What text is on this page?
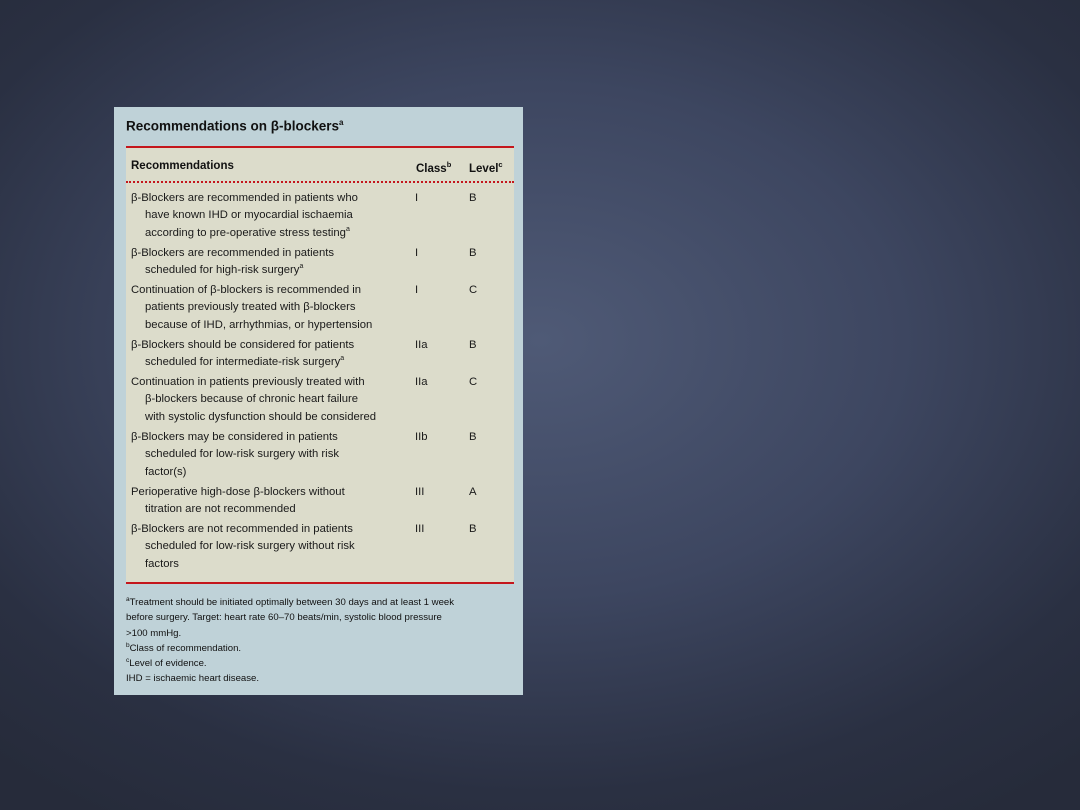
Recommendations on β-blockers$^a$
Recommendations	Class$^b$ Level$^c$
β-Blockers are recommended in patients who
have known IHD or myocardial ischaemia
according to pre-operative stress testing$^a$
I	B
β-Blockers are recommended in patients
scheduled for high-risk surgery$^a$
I	B
Continuation of β-blockers is recommended in
patients previously treated with β-blockers
because of IHD, arrhythmias, or hypertension
I	C
β-Blockers should be considered for patients
scheduled for intermediate-risk surgery$^a$
IIa	B
Continuation in patients previously treated with
β-blockers because of chronic heart failure
with systolic dysfunction should be considered
IIa	C
β-Blockers may be considered in patients
scheduled for low-risk surgery with risk
factor(s)
IIb	B
Perioperative high-dose β-blockers without
titration are not recommended
III	A
β-Blockers are not recommended in patients
scheduled for low-risk surgery without risk
factors
III	B
$^a$Treatment should be initiated optimally between 30 days and at least 1 week
before surgery. Target: heart rate 60–70 beats/min, systolic blood pressure
>100 mmHg.
$^b$Class of recommendation.
$^c$Level of evidence.
IHD = ischaemic heart disease.
